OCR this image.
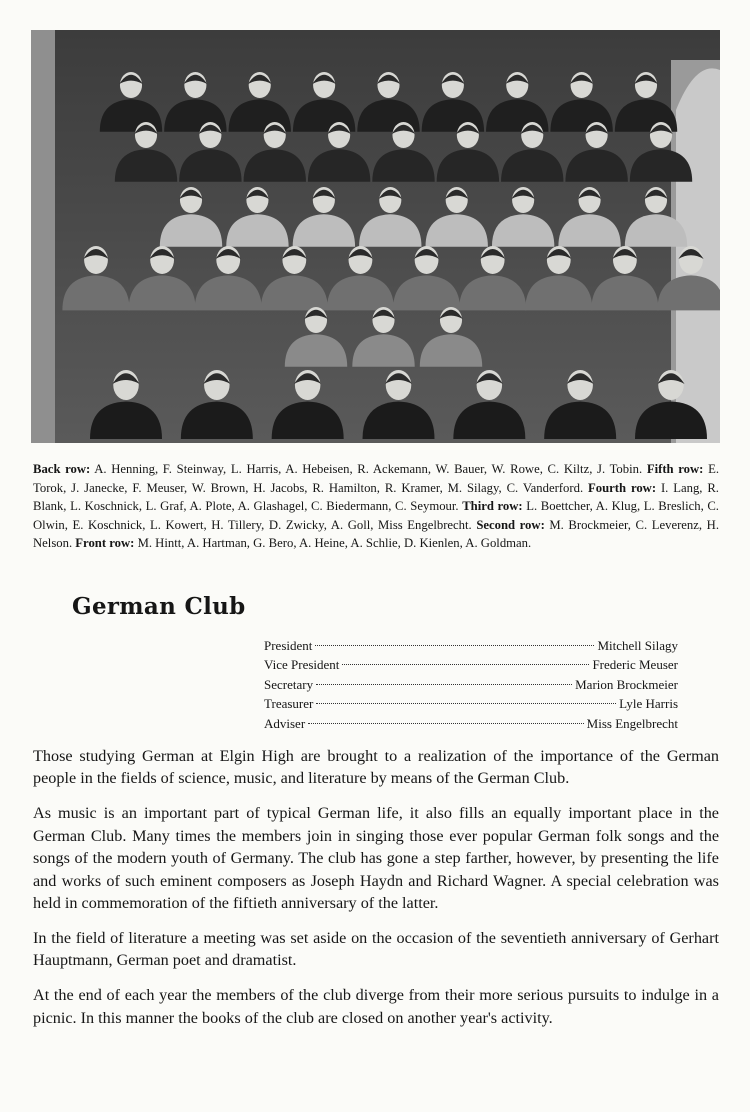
Back row: A. Henning, F. Steinway, L. Harris, A. Hebeisen, R. Ackemann, W. Bauer, W. Rowe, C. Kiltz, J. Tobin. Fifth row: E. Torok, J. Janecke, F. Meuser, W. Brown, H. Jacobs, R. Hamilton, R. Kramer, M. Silagy, C. Vanderford. Fourth row: I. Lang, R. Blank, L. Koschnick, L. Graf, A. Plote, A. Glashagel, C. Biedermann, C. Seymour. Third row: L. Boettcher, A. Klug, L. Breslich, C. Olwin, E. Koschnick, L. Kowert, H. Tillery, D. Zwicky, A. Goll, Miss Engelbrecht. Second row: M. Brockmeier, C. Leverenz, H. Nelson. Front row: M. Hintt, A. Hartman, G. Bero, A. Heine, A. Schlie, D. Kienlen, A. Goldman.
German Club
President	Mitchell Silagy
Vice President	Frederic Meuser
Secretary	Marion Brockmeier
Treasurer	Lyle Harris
Adviser	Miss Engelbrecht

Those studying German at Elgin High are brought to a realization of the importance of the German people in the fields of science, music, and literature by means of the German Club.

As music is an important part of typical German life, it also fills an equally important place in the German Club. Many times the members join in singing those ever popular German folk songs and the songs of the modern youth of Germany. The club has gone a step farther, however, by presenting the life and works of such eminent composers as Joseph Haydn and Richard Wagner. A special celebration was held in commemoration of the fiftieth anniversary of the latter.

In the field of literature a meeting was set aside on the occasion of the seventieth anniversary of Gerhart Hauptmann, German poet and dramatist.

At the end of each year the members of the club diverge from their more serious pursuits to indulge in a picnic. In this manner the books of the club are closed on another year's activity.
